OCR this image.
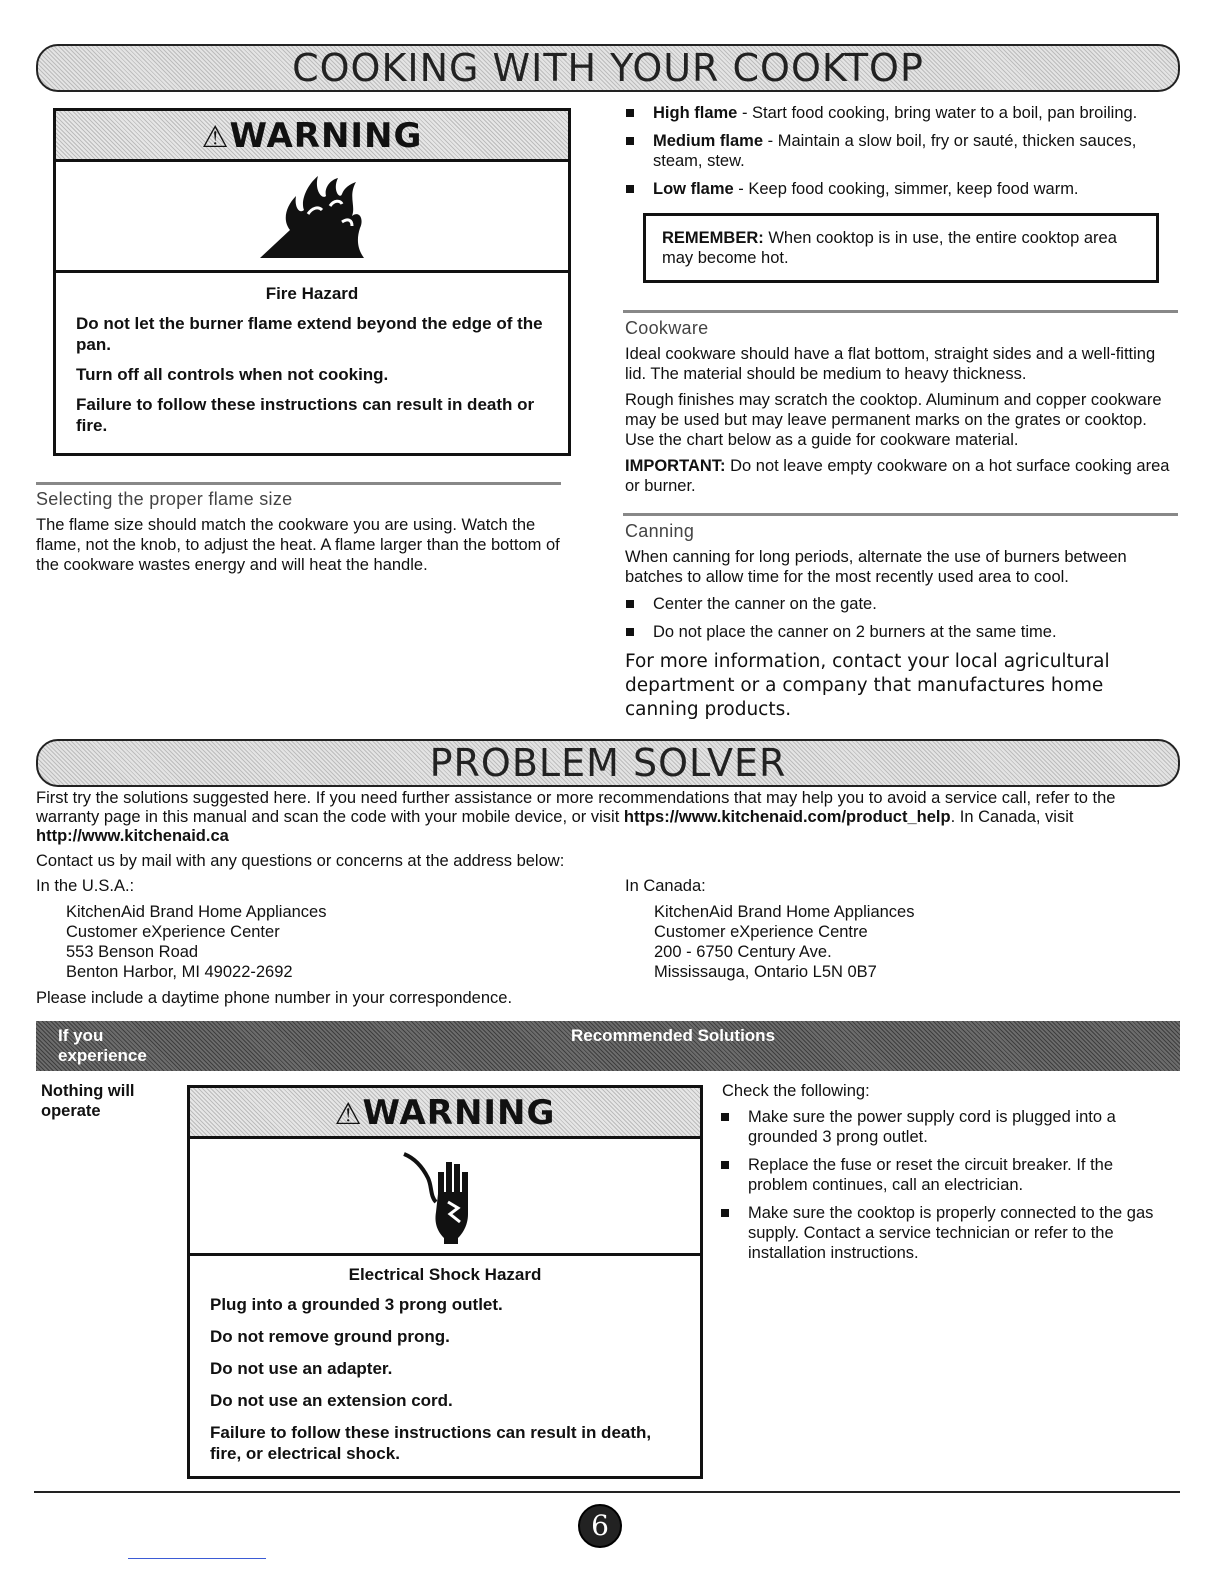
COOKING WITH YOUR COOKTOP
⚠WARNING
Fire Hazard

Do not let the burner flame extend beyond the edge of the pan.

Turn off all controls when not cooking.

Failure to follow these instructions can result in death or fire.

Selecting the proper flame size
The flame size should match the cookware you are using. Watch the flame, not the knob, to adjust the heat. A flame larger than the bottom of the cookware wastes energy and will heat the handle.
High flame - Start food cooking, bring water to a boil, pan broiling.
Medium flame - Maintain a slow boil, fry or sauté, thicken sauces, steam, stew.
Low flame - Keep food cooking, simmer, keep food warm.
REMEMBER: When cooktop is in use, the entire cooktop area may become hot.
Cookware

Ideal cookware should have a flat bottom, straight sides and a well-fitting lid. The material should be medium to heavy thickness.

Rough finishes may scratch the cooktop. Aluminum and copper cookware may be used but may leave permanent marks on the grates or cooktop. Use the chart below as a guide for cookware material.

IMPORTANT: Do not leave empty cookware on a hot surface cooking area or burner.

Canning
When canning for long periods, alternate the use of burners between batches to allow time for the most recently used area to cool.
Center the canner on the gate.
Do not place the canner on 2 burners at the same time.
For more information, contact your local agricultural department or a company that manufactures home canning products.
PROBLEM SOLVER
First try the solutions suggested here. If you need further assistance or more recommendations that may help you to avoid a service call, refer to the warranty page in this manual and scan the code with your mobile device, or visit https://www.kitchenaid.com/product_help. In Canada, visit http://www.kitchenaid.ca
Contact us by mail with any questions or concerns at the address below:
In the U.S.A.:
KitchenAid Brand Home Appliances
Customer eXperience Center
553 Benson Road
Benton Harbor, MI 49022-2692
In Canada:
KitchenAid Brand Home Appliances
Customer eXperience Centre
200 - 6750 Century Ave.
Mississauga, Ontario L5N 0B7
Please include a daytime phone number in your correspondence.
If you experience
Recommended Solutions
Nothing will operate	⚠WARNING
Electrical Shock Hazard

Plug into a grounded 3 prong outlet.

Do not remove ground prong.

Do not use an adapter.

Do not use an extension cord.

Failure to follow these instructions can result in death, fire, or electrical shock.

Check the following:
Make sure the power supply cord is plugged into a grounded 3 prong outlet.
Replace the fuse or reset the circuit breaker. If the problem continues, call an electrician.
Make sure the cooktop is properly connected to the gas supply. Contact a service technician or refer to the installation instructions.
6
